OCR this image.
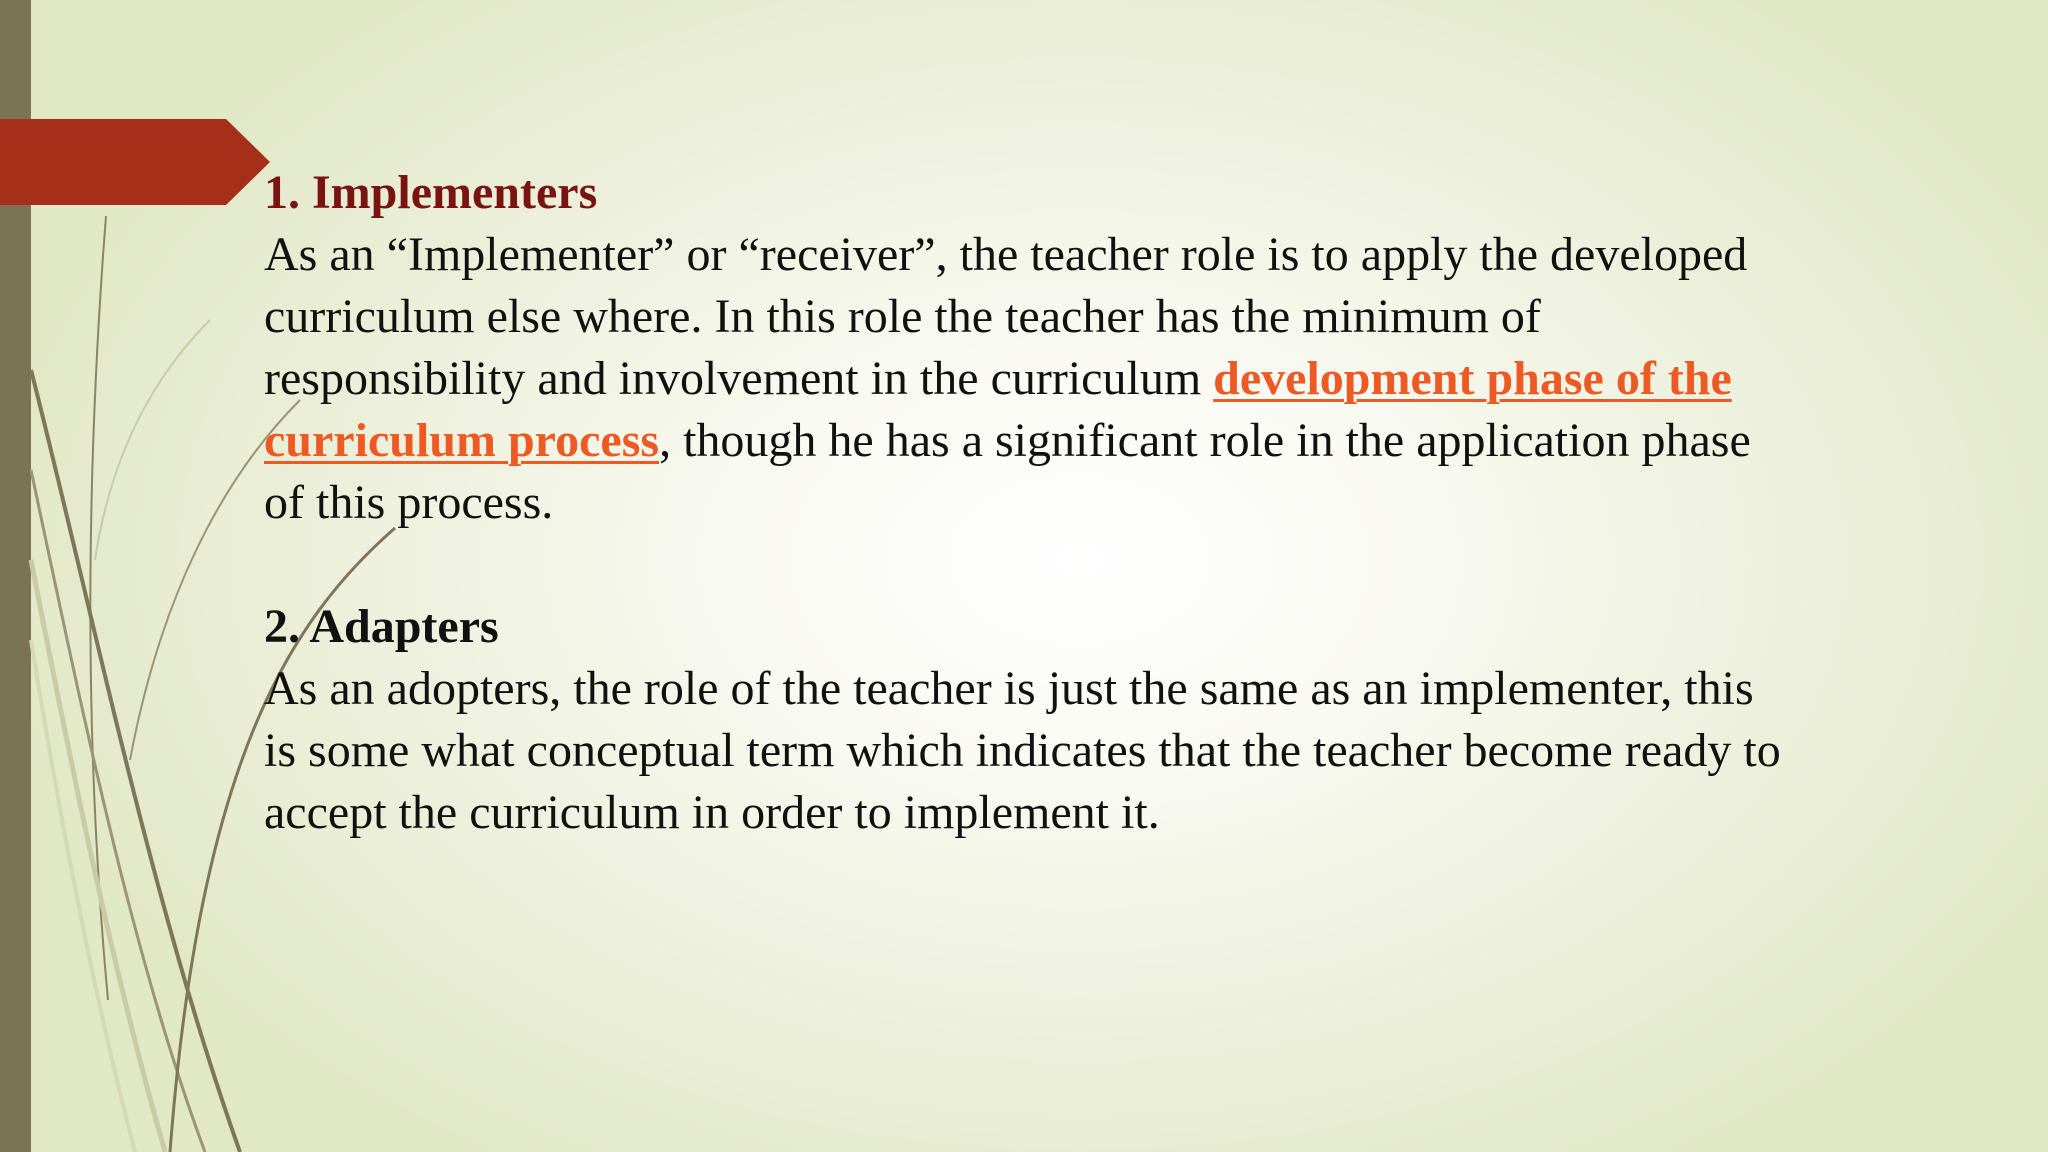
1. Implementers

As an “Implementer” or “receiver”, the teacher role is to apply the developed
curriculum else where. In this role the teacher has the minimum of
responsibility and involvement in the curriculum development phase of the
curriculum process, though he has a significant role in the application phase
of this process.

2. Adapters

As an adopters, the role of the teacher is just the same as an implementer, this
is some what conceptual term which indicates that the teacher become ready to
accept the curriculum in order to implement it.
